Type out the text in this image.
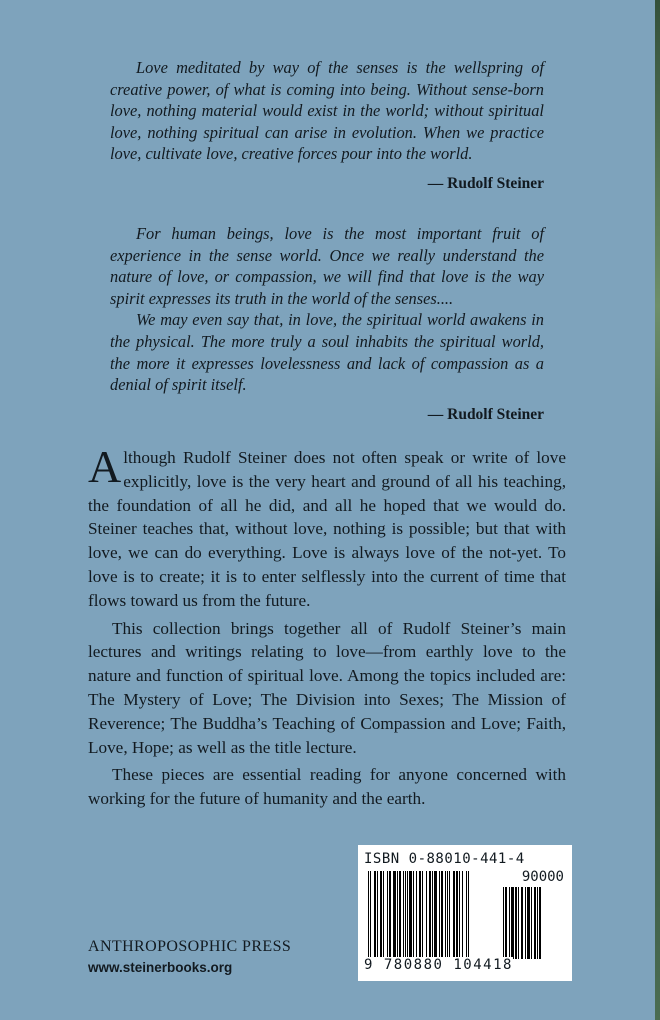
Love meditated by way of the senses is the wellspring of creative power, of what is coming into being. Without sense-born love, nothing material would exist in the world; without spiritual love, nothing spiritual can arise in evolution. When we practice love, cultivate love, creative forces pour into the world.

— Rudolf Steiner

For human beings, love is the most important fruit of experience in the sense world. Once we really understand the nature of love, or compassion, we will find that love is the way spirit expresses its truth in the world of the senses....

We may even say that, in love, the spiritual world awakens in the physical. The more truly a soul inhabits the spiritual world, the more it expresses lovelessness and lack of compassion as a denial of spirit itself.

— Rudolf Steiner

Although Rudolf Steiner does not often speak or write of love explicitly, love is the very heart and ground of all his teaching, the foundation of all he did, and all he hoped that we would do. Steiner teaches that, without love, nothing is possible; but that with love, we can do everything. Love is always love of the not-yet. To love is to create; it is to enter selflessly into the current of time that flows toward us from the future.

This collection brings together all of Rudolf Steiner’s main lectures and writings relating to love—from earthly love to the nature and function of spiritual love. Among the topics included are: The Mystery of Love; The Division into Sexes; The Mission of Reverence; The Buddha’s Teaching of Compassion and Love; Faith, Love, Hope; as well as the title lecture.

These pieces are essential reading for anyone concerned with working for the future of humanity and the earth.

ANTHROPOSOPHIC PRESS
www.steinerbooks.org
ISBN 0-88010-441-4
90000
9 780880 104418
